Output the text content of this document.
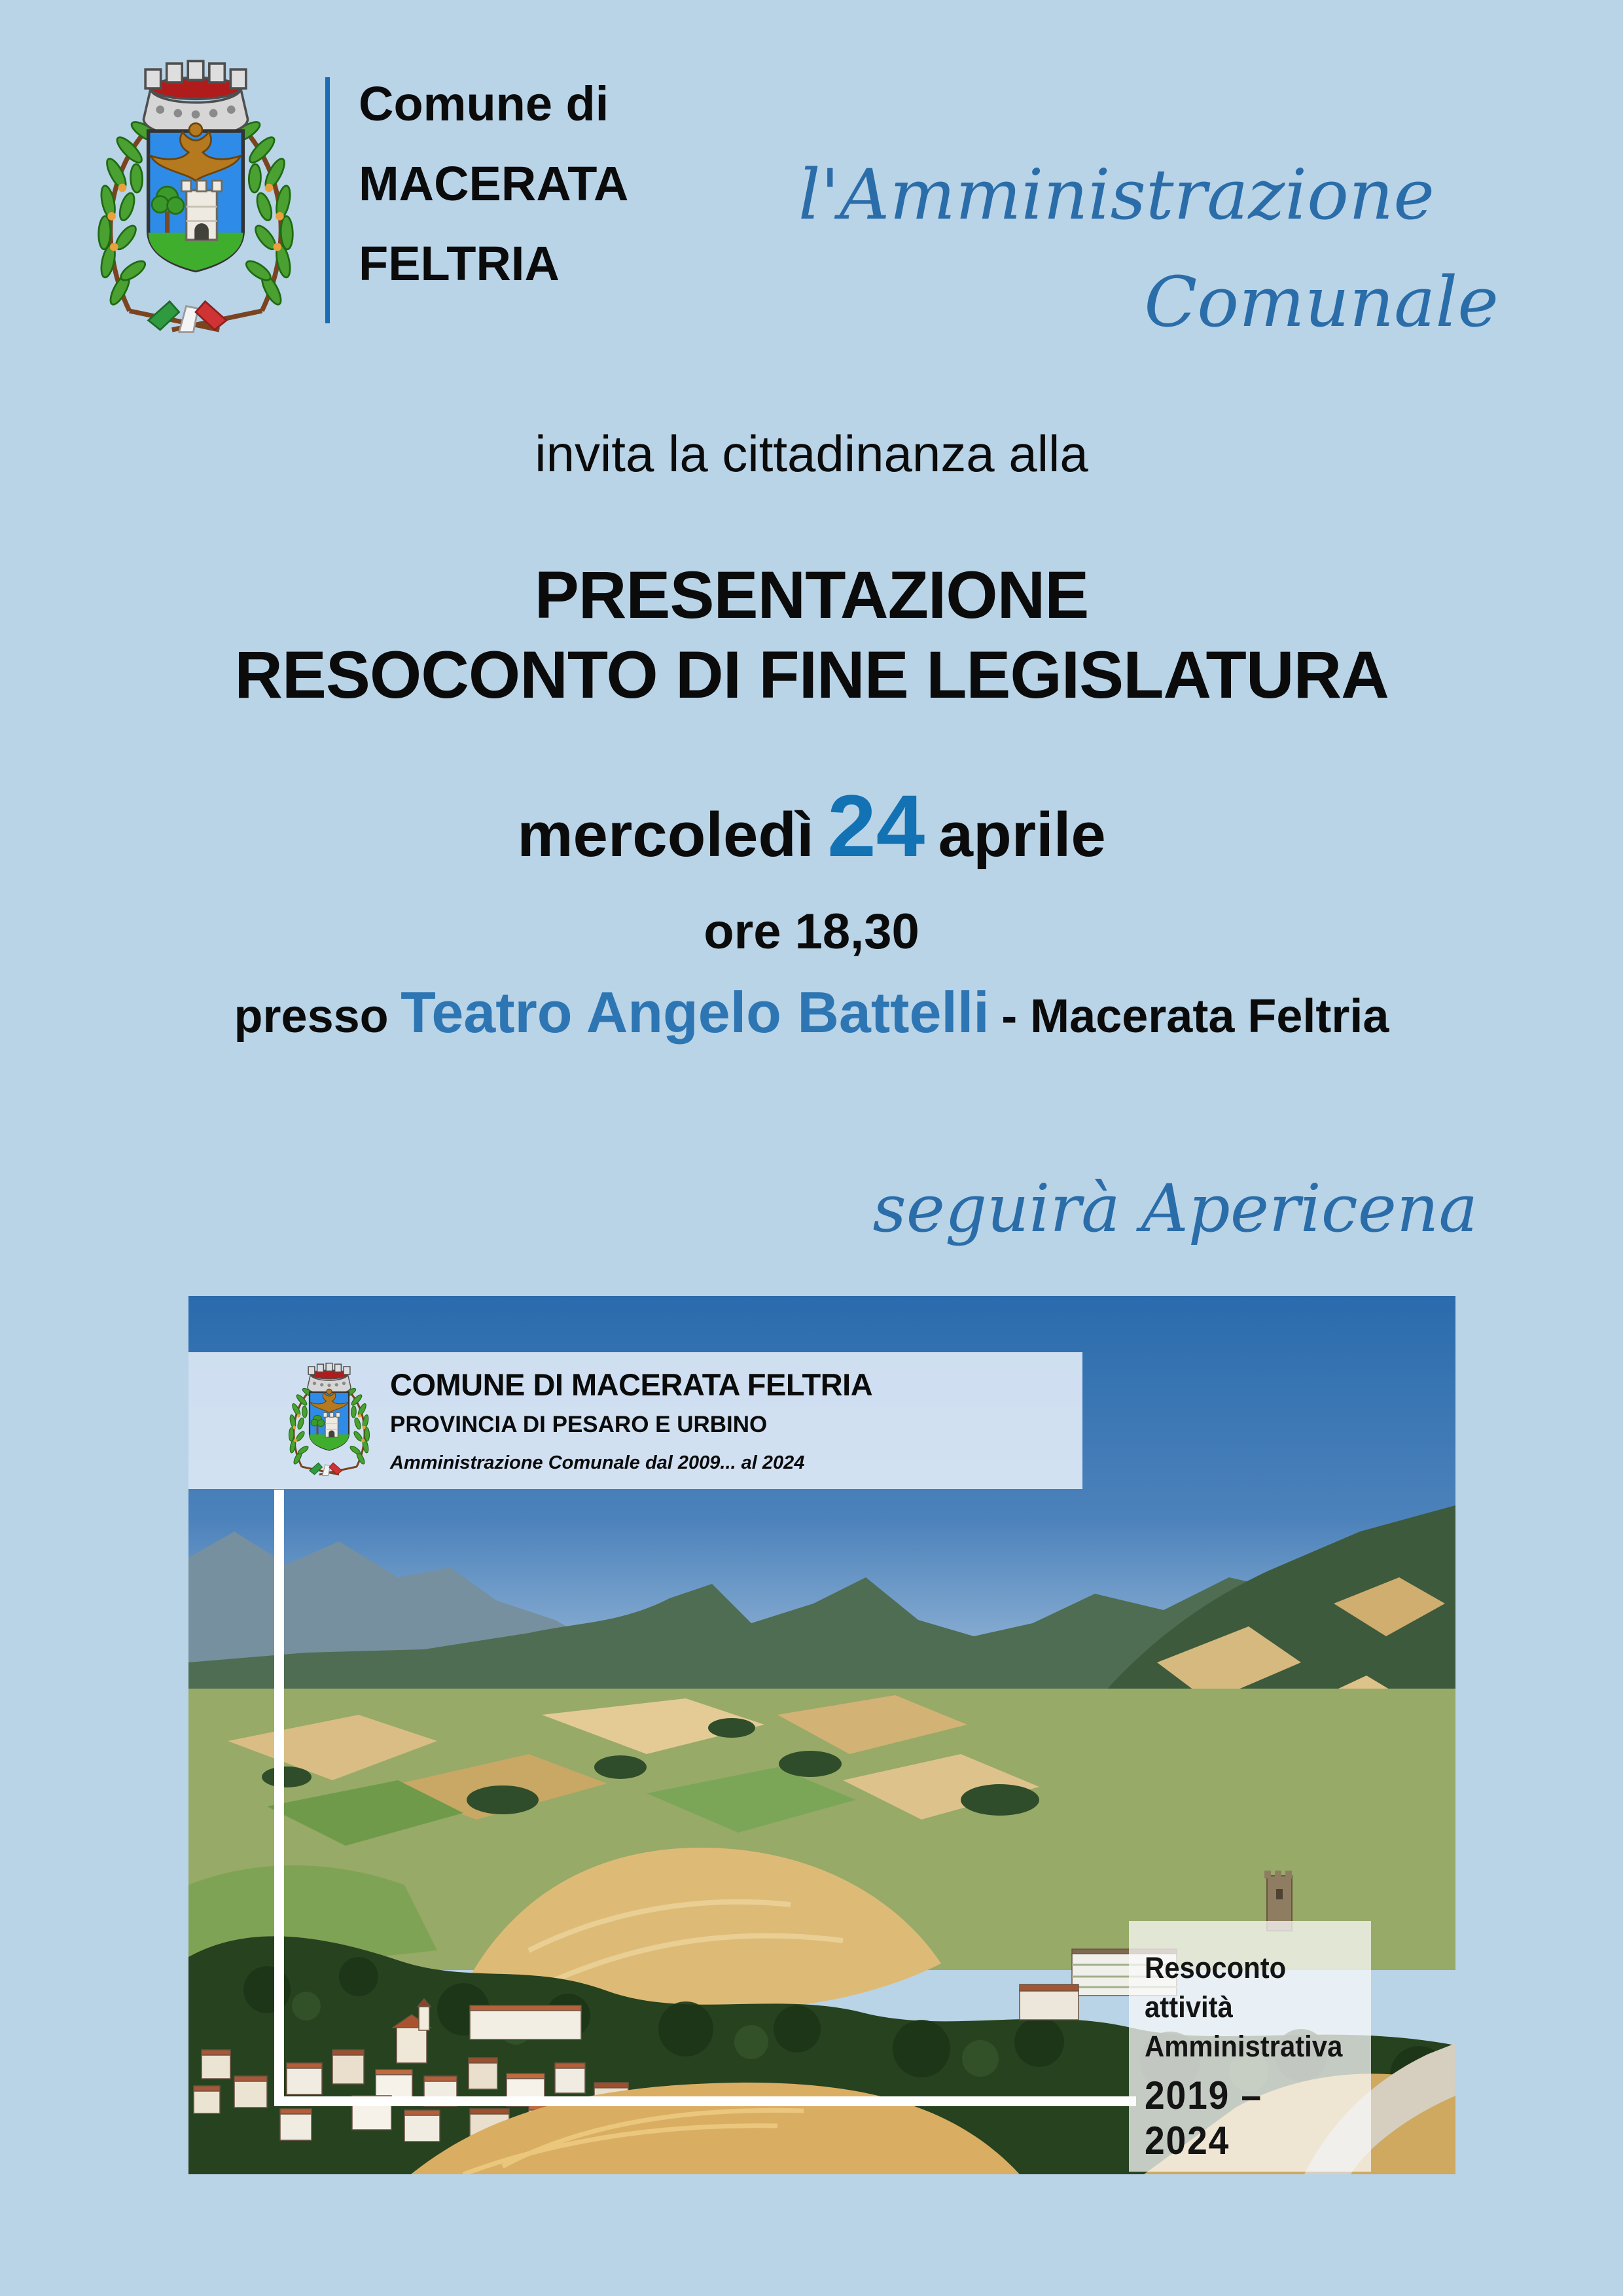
Comune di
MACERATA
FELTRIA
l'Amministrazione
Comunale
invita la cittadinanza alla
PRESENTAZIONE
RESOCONTO DI FINE LEGISLATURA
mercoledì 24 aprile
ore 18,30
presso Teatro Angelo Battelli - Macerata Feltria
seguirà Apericena
COMUNE DI MACERATA FELTRIA
PROVINCIA DI PESARO E URBINO
Amministrazione Comunale dal 2009... al 2024
Resoconto
attività
Amministrativa
2019 – 2024
